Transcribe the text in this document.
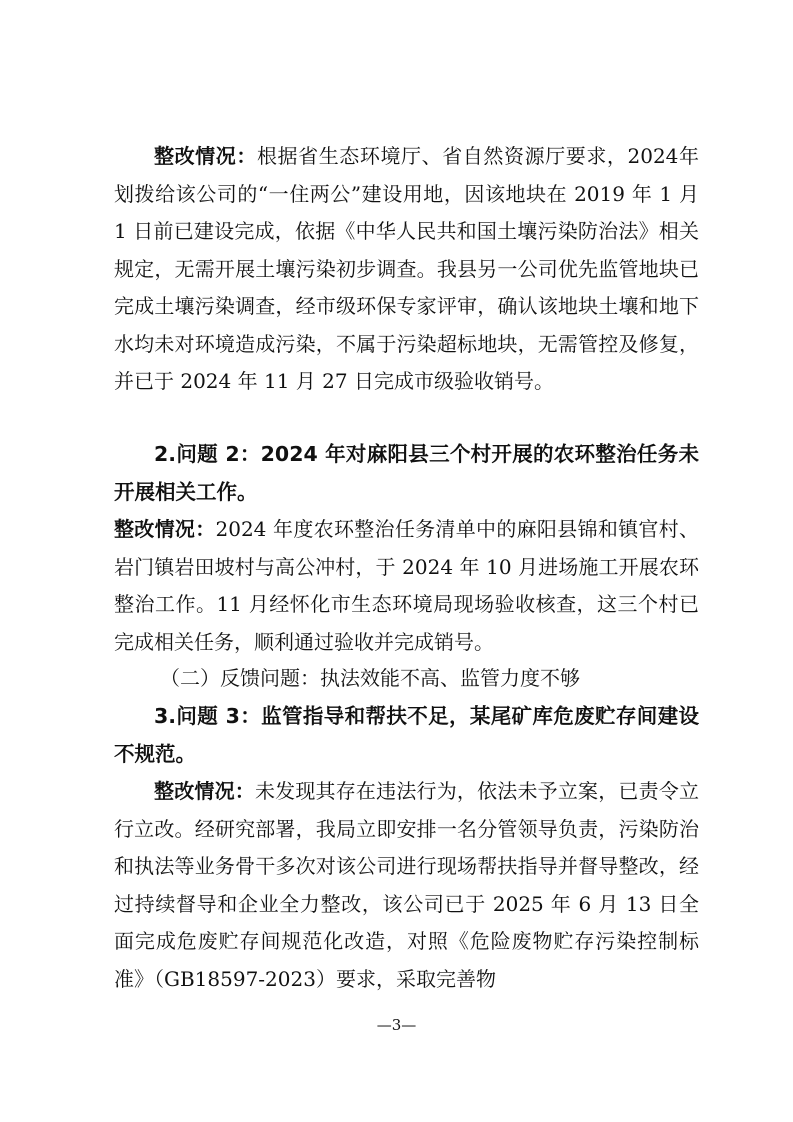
整改情况：根据省生态环境厅、省自然资源厅要求，2024年划拨给该公司的“一住两公”建设用地，因该地块在 2019 年 1 月 1 日前已建设完成，依据《中华人民共和国土壤污染防治法》相关规定，无需开展土壤污染初步调查。我县另一公司优先监管地块已完成土壤污染调查，经市级环保专家评审，确认该地块土壤和地下水均未对环境造成污染，不属于污染超标地块，无需管控及修复，并已于 2024 年 11 月 27 日完成市级验收销号。
2.问题 2：2024 年对麻阳县三个村开展的农环整治任务未开展相关工作。
整改情况：2024 年度农环整治任务清单中的麻阳县锦和镇官村、岩门镇岩田坡村与高公冲村，于 2024 年 10 月进场施工开展农环整治工作。11 月经怀化市生态环境局现场验收核查，这三个村已完成相关任务，顺利通过验收并完成销号。
（二）反馈问题：执法效能不高、监管力度不够
3.问题 3：监管指导和帮扶不足，某尾矿库危废贮存间建设不规范。
整改情况：未发现其存在违法行为，依法未予立案，已责令立行立改。经研究部署，我局立即安排一名分管领导负责，污染防治和执法等业务骨干多次对该公司进行现场帮扶指导并督导整改，经过持续督导和企业全力整改，该公司已于 2025 年 6 月 13 日全面完成危废贮存间规范化改造，对照《危险废物贮存污染控制标准》（GB18597-2023）要求，采取完善物
—3—
